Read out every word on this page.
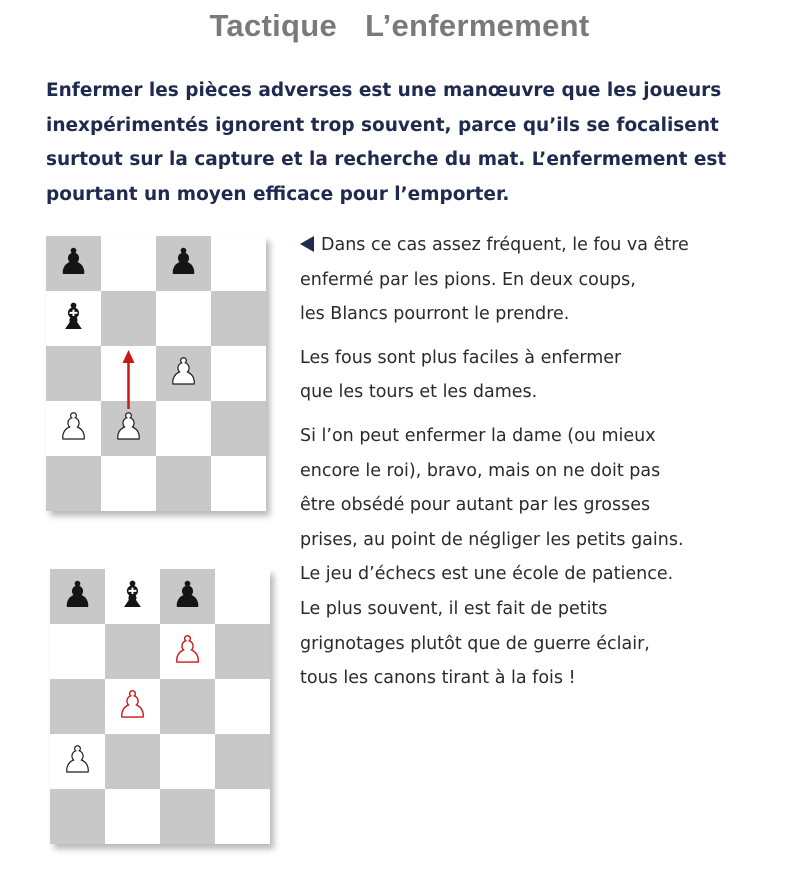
Tactique L’enfermement
Enfermer les pièces adverses est une manœuvre que les joueurs
inexpérimentés ignorent trop souvent, parce qu’ils se focalisent
surtout sur la capture et la recherche du mat. L’enfermement est
pourtant un moyen efficace pour l’emporter.
♟ ♟
♝
♟
♟ ♟
♟ ♝ ♟
♟
♟
♟
Dans ce cas assez fréquent, le fou va être
enfermé par les pions. En deux coups,
les Blancs pourront le prendre.
Les fous sont plus faciles à enfermer
que les tours et les dames.
Si l’on peut enfermer la dame (ou mieux
encore le roi), bravo, mais on ne doit pas
être obsédé pour autant par les grosses
prises, au point de négliger les petits gains.
Le jeu d’échecs est une école de patience.
Le plus souvent, il est fait de petits
grignotages plutôt que de guerre éclair,
tous les canons tirant à la fois !
